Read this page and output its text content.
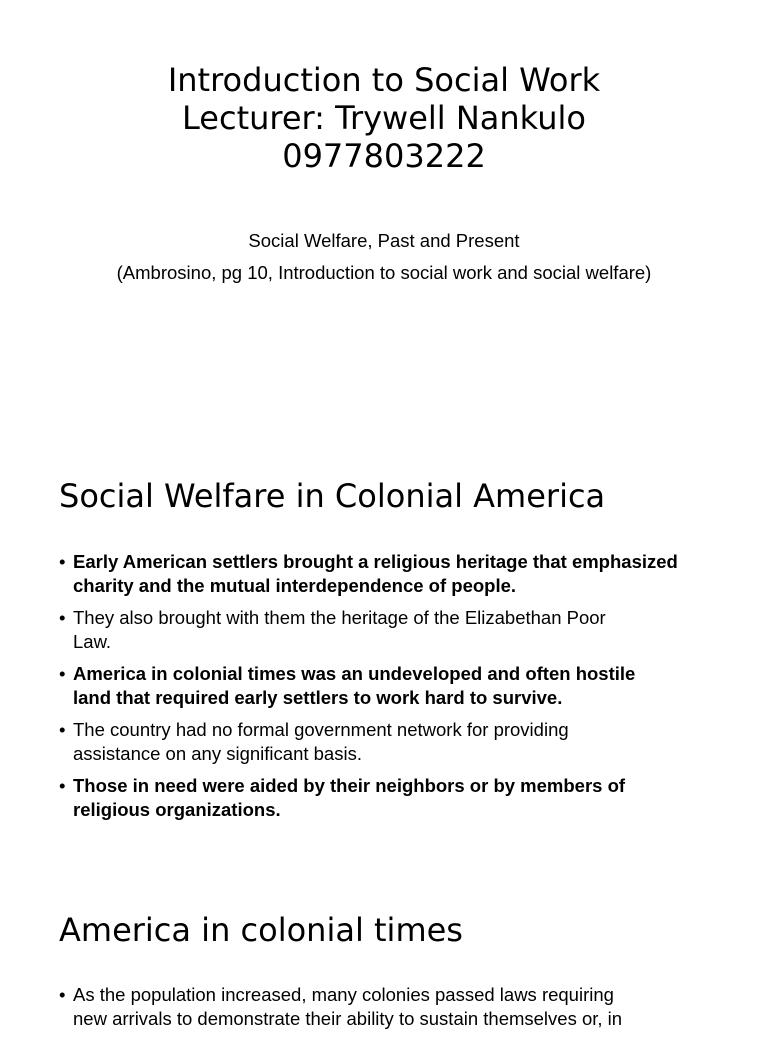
Introduction to Social Work
Lecturer: Trywell Nankulo
0977803222
Social Welfare, Past and Present
(Ambrosino, pg 10, Introduction to social work and social welfare)
Social Welfare in Colonial America
• Early American settlers brought a religious heritage that emphasized
charity and the mutual interdependence of people.
• They also brought with them the heritage of the Elizabethan Poor
Law.
• America in colonial times was an undeveloped and often hostile
land that required early settlers to work hard to survive.
• The country had no formal government network for providing
assistance on any significant basis.
• Those in need were aided by their neighbors or by members of
religious organizations.
America in colonial times
• As the population increased, many colonies passed laws requiring
new arrivals to demonstrate their ability to sustain themselves or, in
